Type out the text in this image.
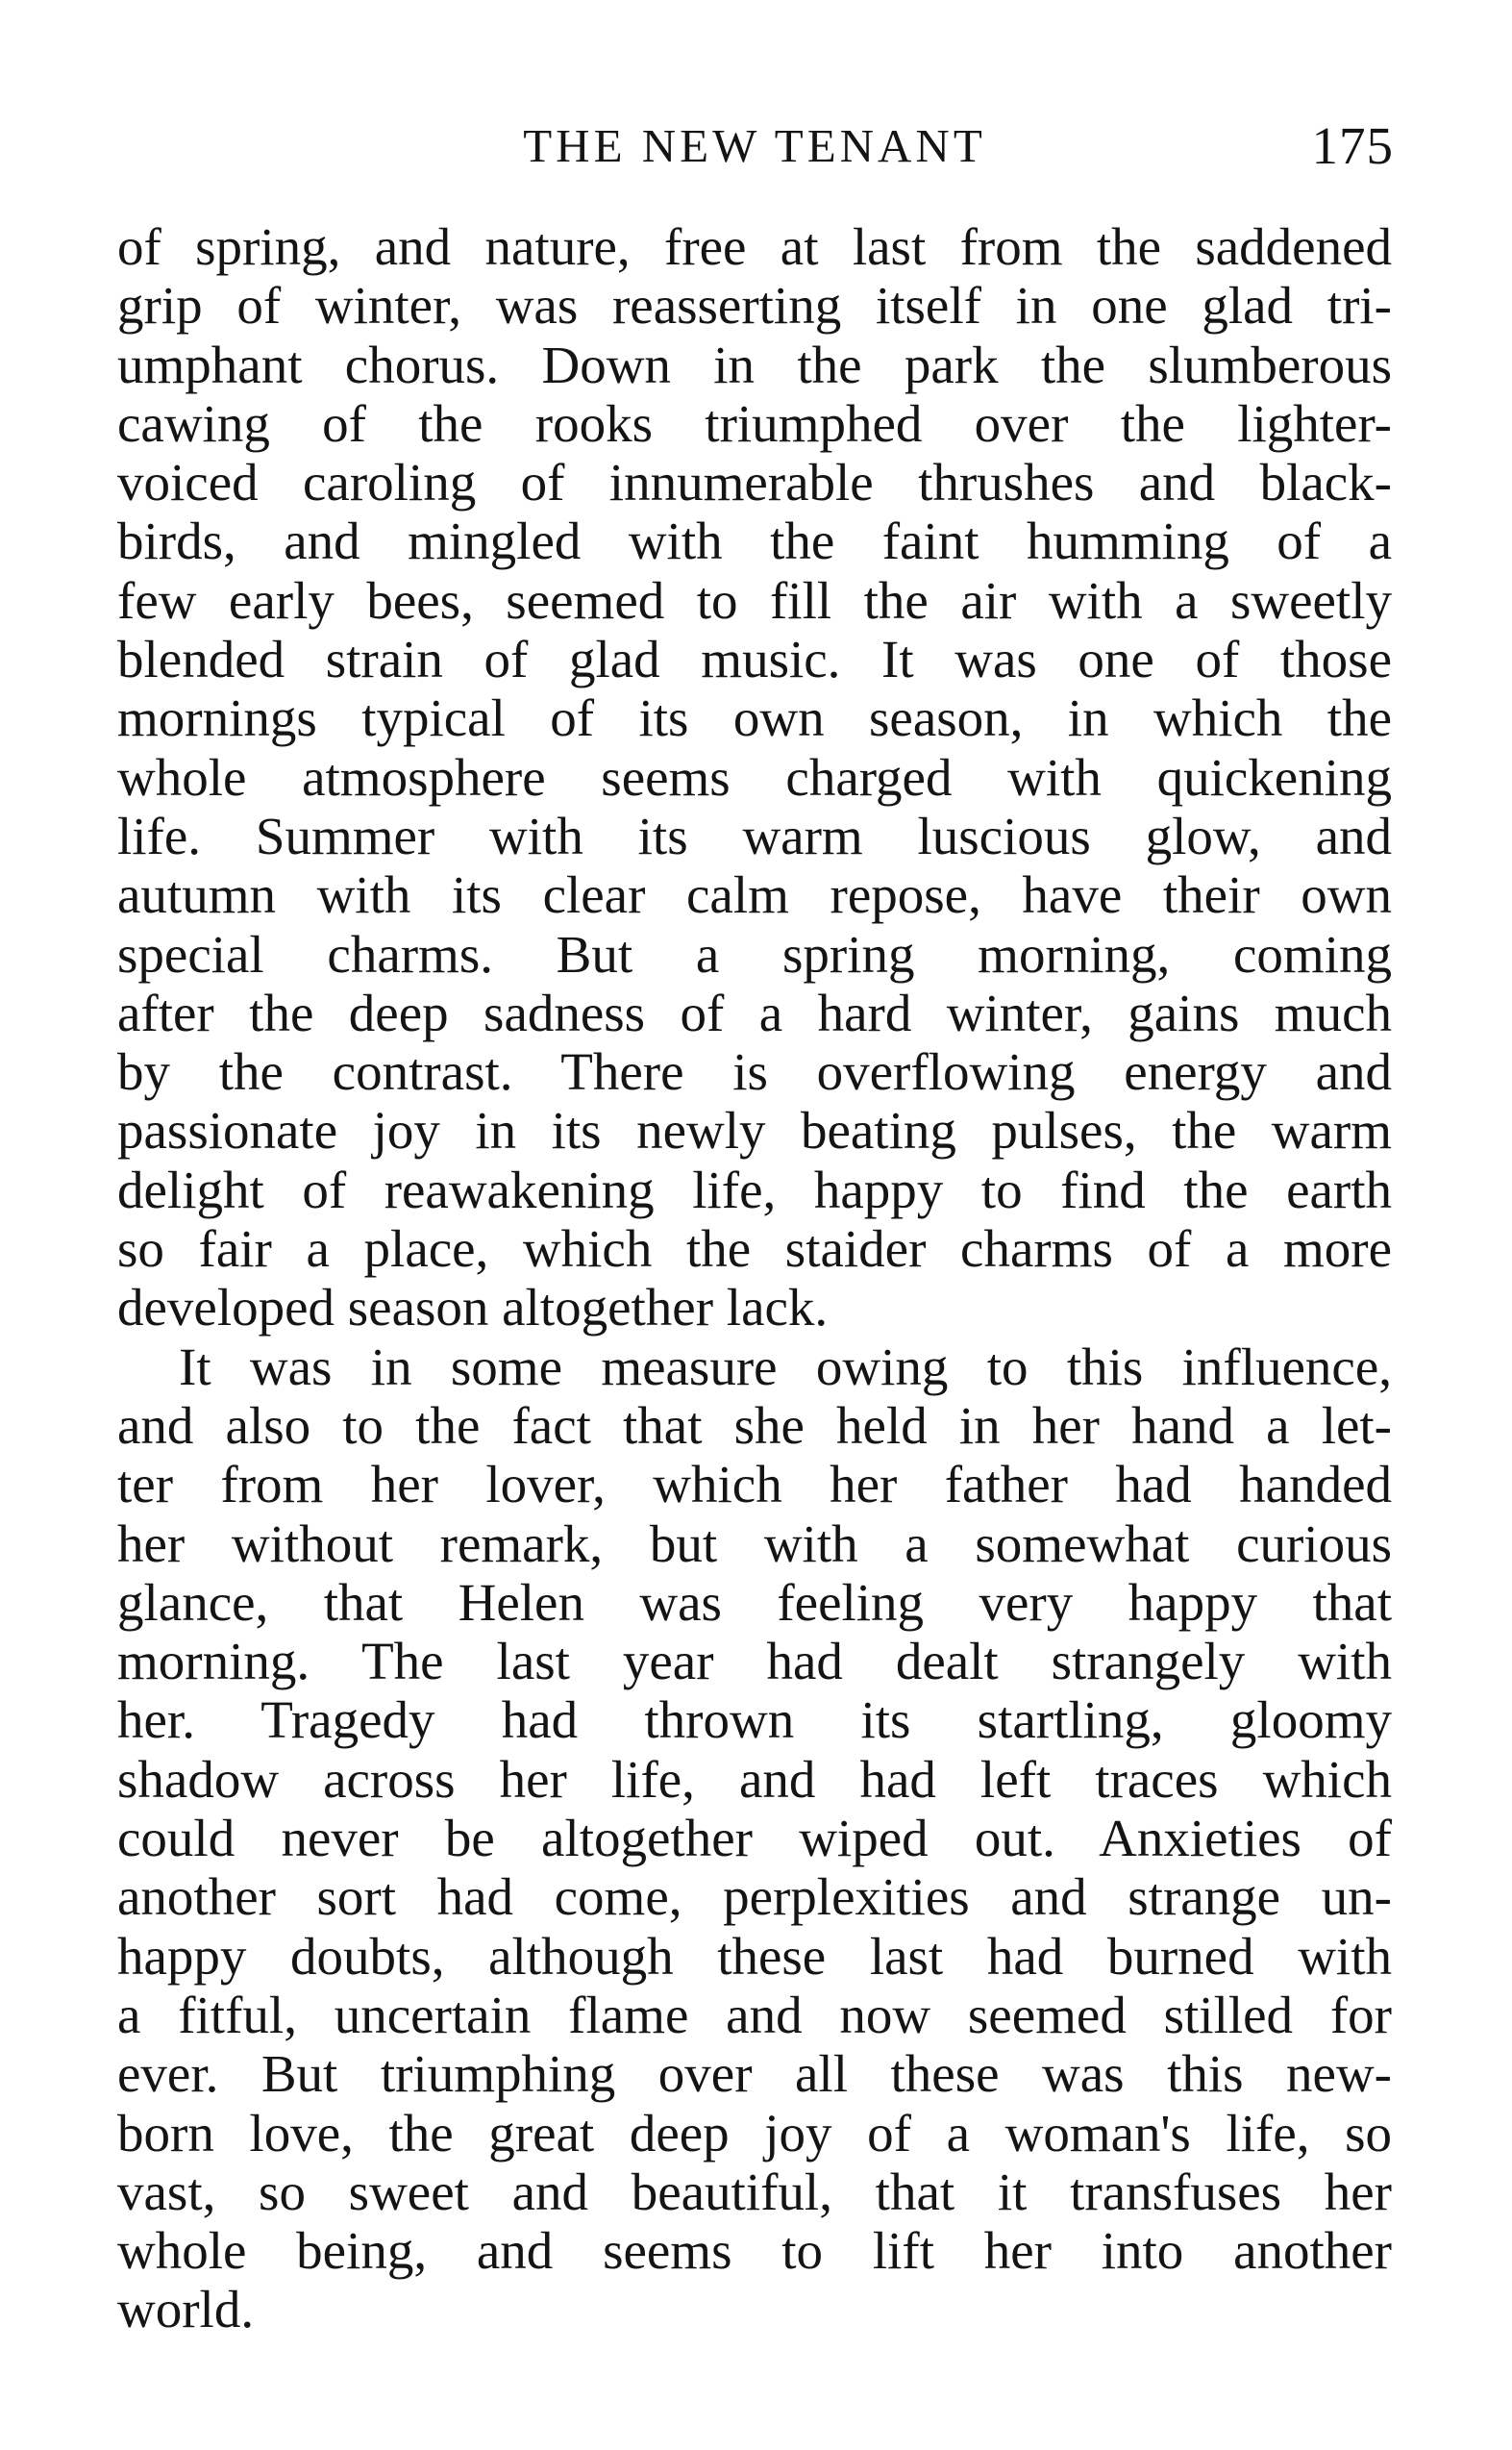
THE NEW TENANT	175
of spring, and nature, free at last from the saddened
grip of winter, was reasserting itself in one glad tri-
umphant chorus. Down in the park the slumberous
cawing of the rooks triumphed over the lighter-
voiced caroling of innumerable thrushes and black-
birds, and mingled with the faint humming of a
few early bees, seemed to fill the air with a sweetly
blended strain of glad music. It was one of those
mornings typical of its own season, in which the
whole atmosphere seems charged with quickening
life. Summer with its warm luscious glow, and
autumn with its clear calm repose, have their own
special charms. But a spring morning, coming
after the deep sadness of a hard winter, gains much
by the contrast. There is overflowing energy and
passionate joy in its newly beating pulses, the warm
delight of reawakening life, happy to find the earth
so fair a place, which the staider charms of a more
developed season altogether lack.
It was in some measure owing to this influence,
and also to the fact that she held in her hand a let-
ter from her lover, which her father had handed
her without remark, but with a somewhat curious
glance, that Helen was feeling very happy that
morning. The last year had dealt strangely with
her. Tragedy had thrown its startling, gloomy
shadow across her life, and had left traces which
could never be altogether wiped out. Anxieties of
another sort had come, perplexities and strange un-
happy doubts, although these last had burned with
a fitful, uncertain flame and now seemed stilled for
ever. But triumphing over all these was this new-
born love, the great deep joy of a woman's life, so
vast, so sweet and beautiful, that it transfuses her
whole being, and seems to lift her into another
world.
